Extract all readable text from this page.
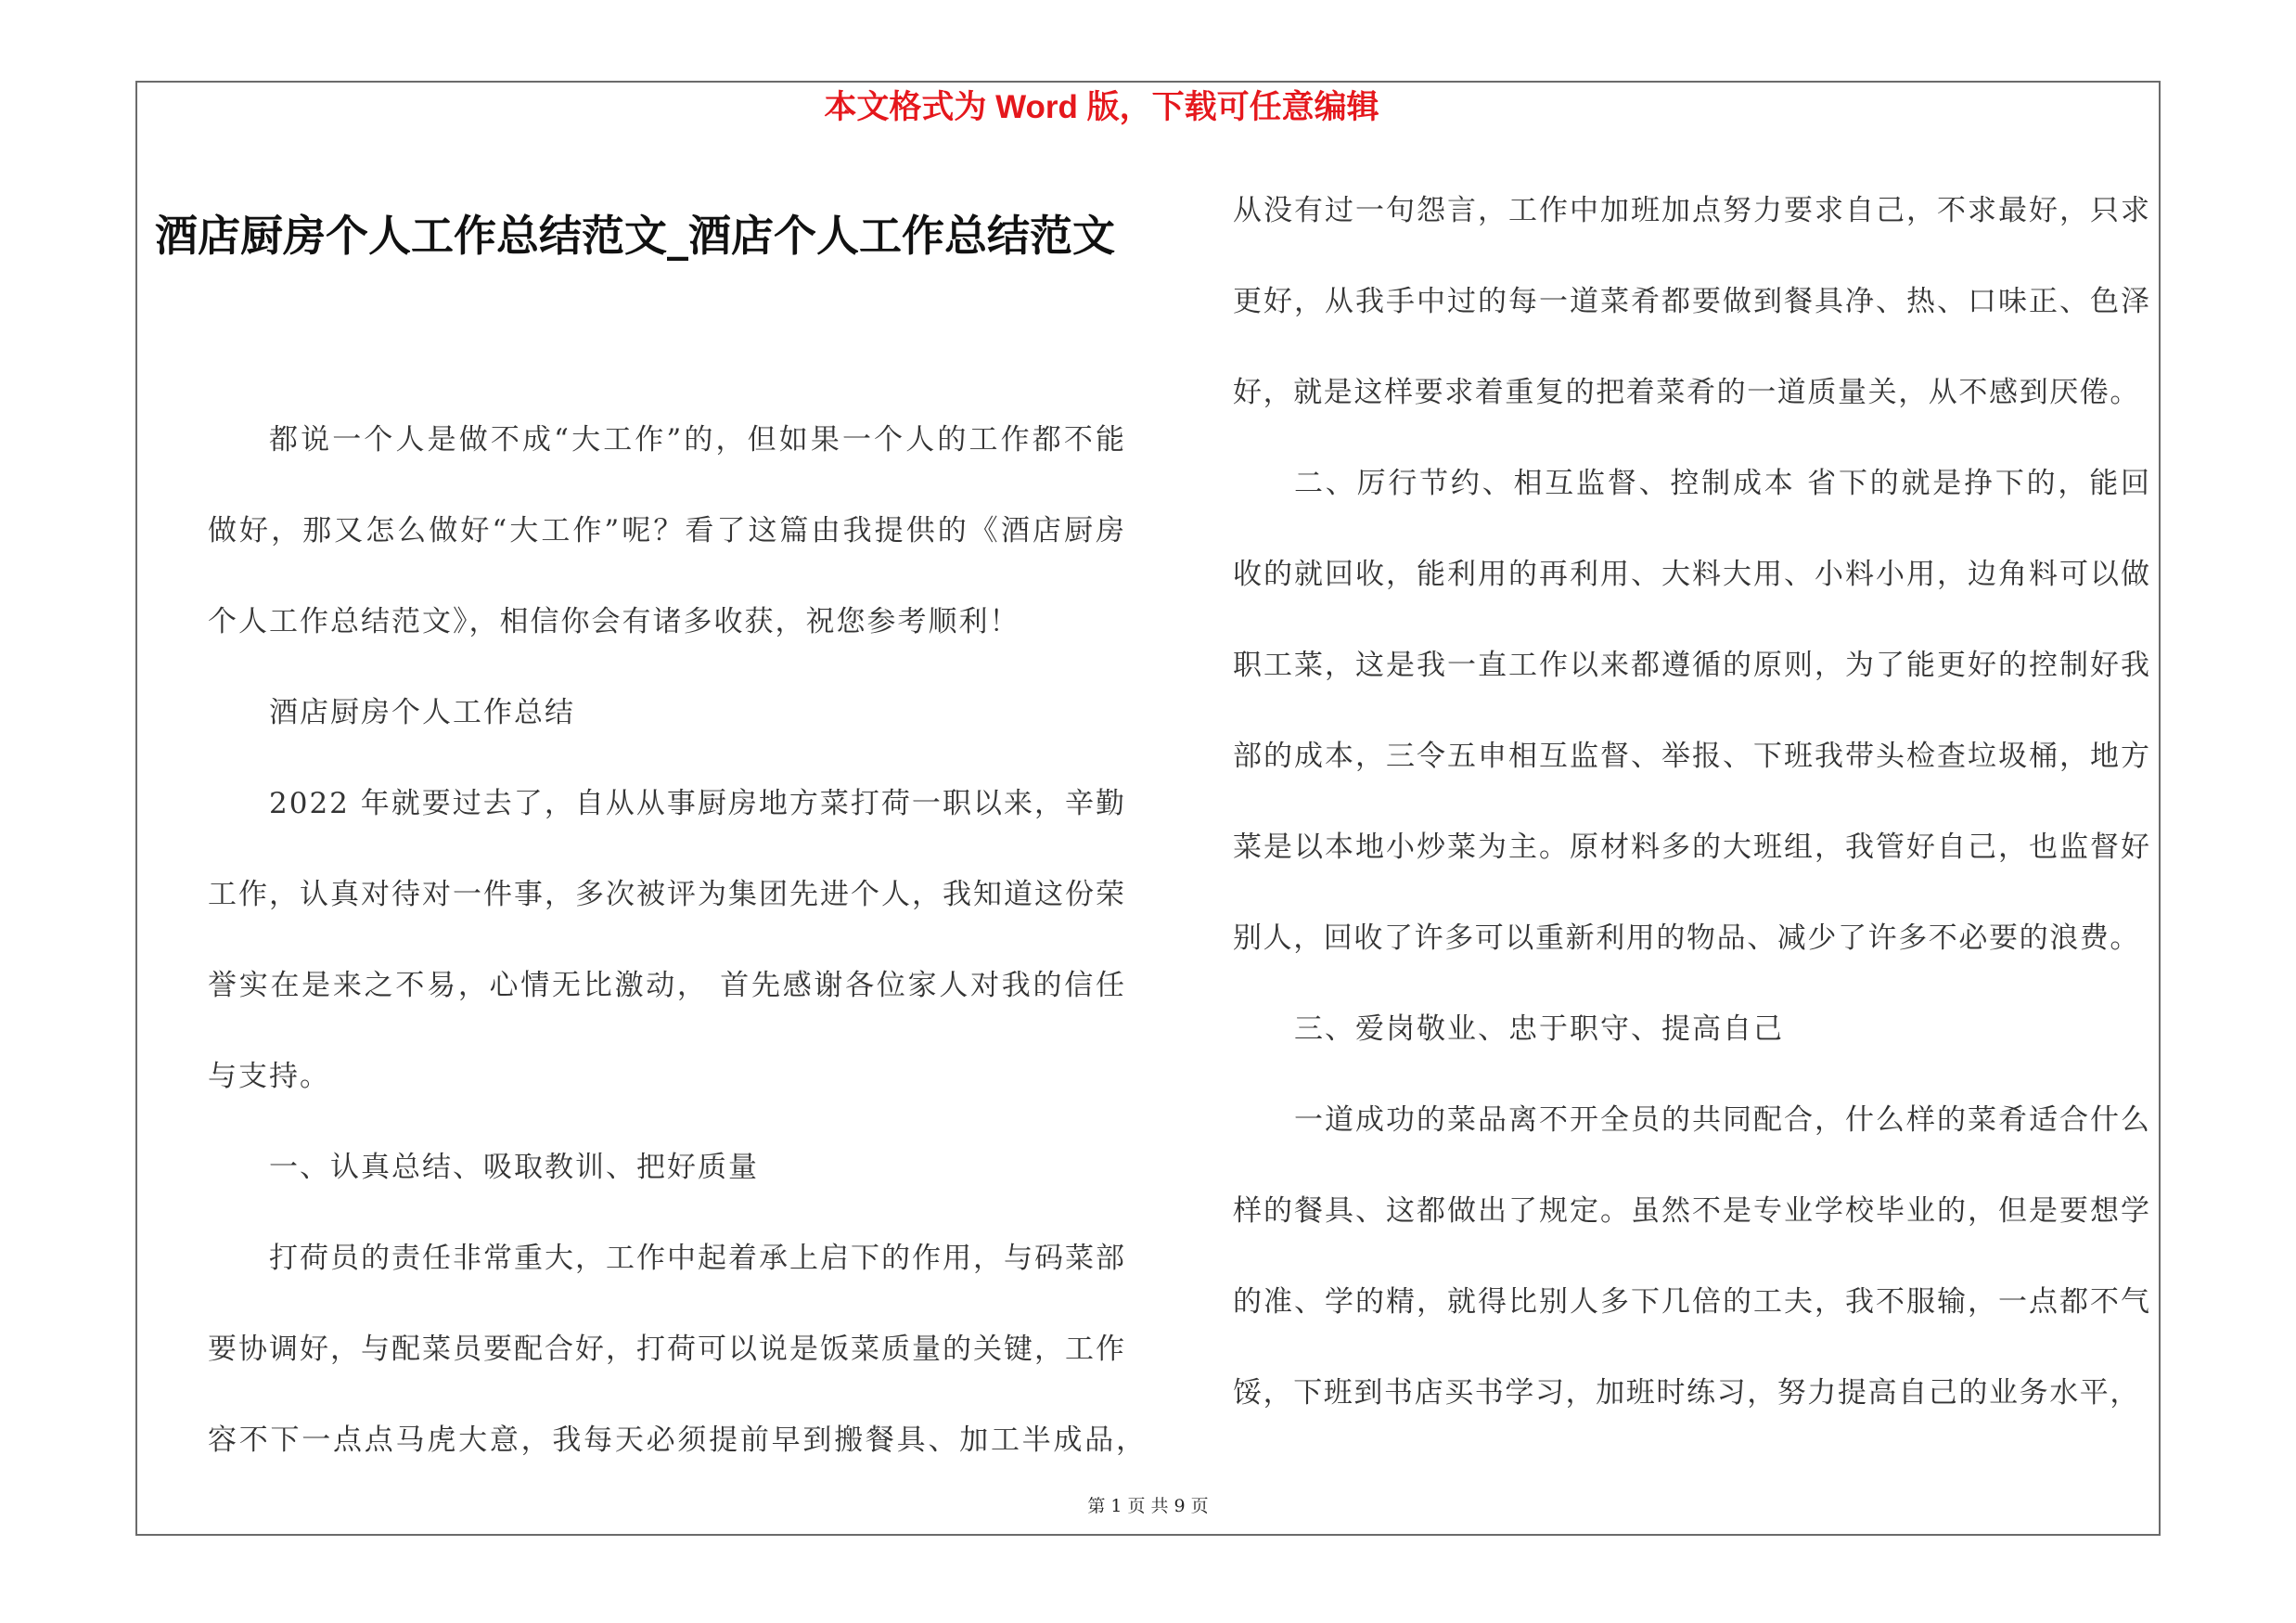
本文格式为 Word 版，下载可任意编辑
酒店厨房个人工作总结范文_酒店个人工作总结范文
都说一个人是做不成“大工作”的，但如果一个人的工作都不能
做好，那又怎么做好“大工作”呢？看了这篇由我提供的《酒店厨房
个人工作总结范文》，相信你会有诸多收获，祝您参考顺利！
酒店厨房个人工作总结
2022 年就要过去了，自从从事厨房地方菜打荷一职以来，辛勤
工作，认真对待对一件事，多次被评为集团先进个人，我知道这份荣
誉实在是来之不易，心情无比激动， 首先感谢各位家人对我的信任
与支持。
一、认真总结、吸取教训、把好质量
打荷员的责任非常重大，工作中起着承上启下的作用，与码菜部
要协调好，与配菜员要配合好，打荷可以说是饭菜质量的关键，工作
容不下一点点马虎大意，我每天必须提前早到搬餐具、加工半成品，
从没有过一句怨言，工作中加班加点努力要求自己，不求最好，只求
更好，从我手中过的每一道菜肴都要做到餐具净、热、口味正、色泽
好，就是这样要求着重复的把着菜肴的一道质量关，从不感到厌倦。
二、厉行节约、相互监督、控制成本 省下的就是挣下的，能回
收的就回收，能利用的再利用、大料大用、小料小用，边角料可以做
职工菜，这是我一直工作以来都遵循的原则，为了能更好的控制好我
部的成本，三令五申相互监督、举报、下班我带头检查垃圾桶，地方
菜是以本地小炒菜为主。原材料多的大班组，我管好自己，也监督好
别人，回收了许多可以重新利用的物品、减少了许多不必要的浪费。
三、爱岗敬业、忠于职守、提高自己
一道成功的菜品离不开全员的共同配合，什么样的菜肴适合什么
样的餐具、这都做出了规定。虽然不是专业学校毕业的，但是要想学
的准、学的精，就得比别人多下几倍的工夫，我不服输，一点都不气
馁，下班到书店买书学习，加班时练习，努力提高自己的业务水平，
第 1 页 共 9 页
